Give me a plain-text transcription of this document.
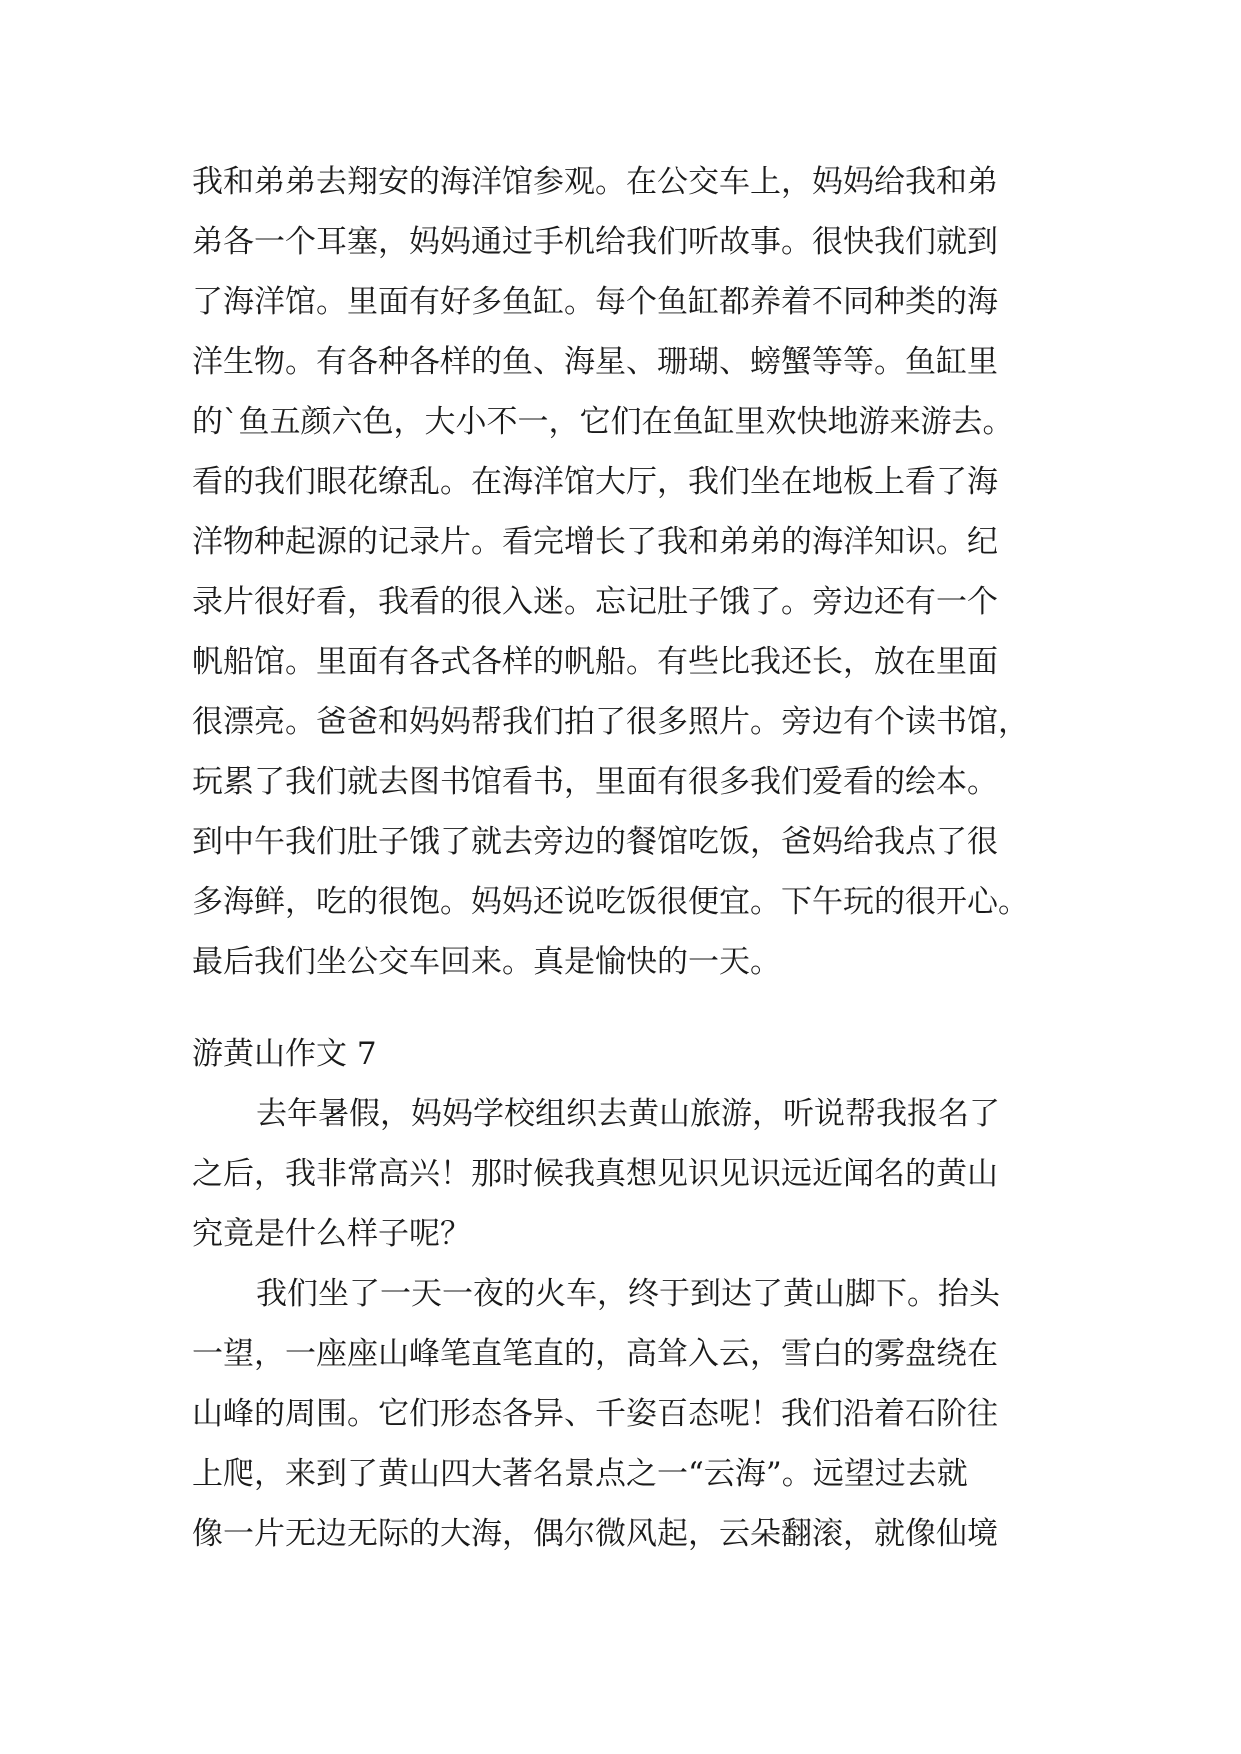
我和弟弟去翔安的海洋馆参观。在公交车上，妈妈给我和弟
弟各一个耳塞，妈妈通过手机给我们听故事。很快我们就到
了海洋馆。里面有好多鱼缸。每个鱼缸都养着不同种类的海
洋生物。有各种各样的鱼、海星、珊瑚、螃蟹等等。鱼缸里
的`鱼五颜六色，大小不一，它们在鱼缸里欢快地游来游去。
看的我们眼花缭乱。在海洋馆大厅，我们坐在地板上看了海
洋物种起源的记录片。看完增长了我和弟弟的海洋知识。纪
录片很好看，我看的很入迷。忘记肚子饿了。旁边还有一个
帆船馆。里面有各式各样的帆船。有些比我还长，放在里面
很漂亮。爸爸和妈妈帮我们拍了很多照片。旁边有个读书馆，
玩累了我们就去图书馆看书，里面有很多我们爱看的绘本。
到中午我们肚子饿了就去旁边的餐馆吃饭，爸妈给我点了很
多海鲜，吃的很饱。妈妈还说吃饭很便宜。下午玩的很开心。
最后我们坐公交车回来。真是愉快的一天。
游黄山作文 7
去年暑假，妈妈学校组织去黄山旅游，听说帮我报名了
之后，我非常高兴！那时候我真想见识见识远近闻名的黄山
究竟是什么样子呢？
我们坐了一天一夜的火车，终于到达了黄山脚下。抬头
一望，一座座山峰笔直笔直的，高耸入云，雪白的雾盘绕在
山峰的周围。它们形态各异、千姿百态呢！我们沿着石阶往
上爬，来到了黄山四大著名景点之一“云海”。远望过去就
像一片无边无际的大海，偶尔微风起，云朵翻滚，就像仙境
